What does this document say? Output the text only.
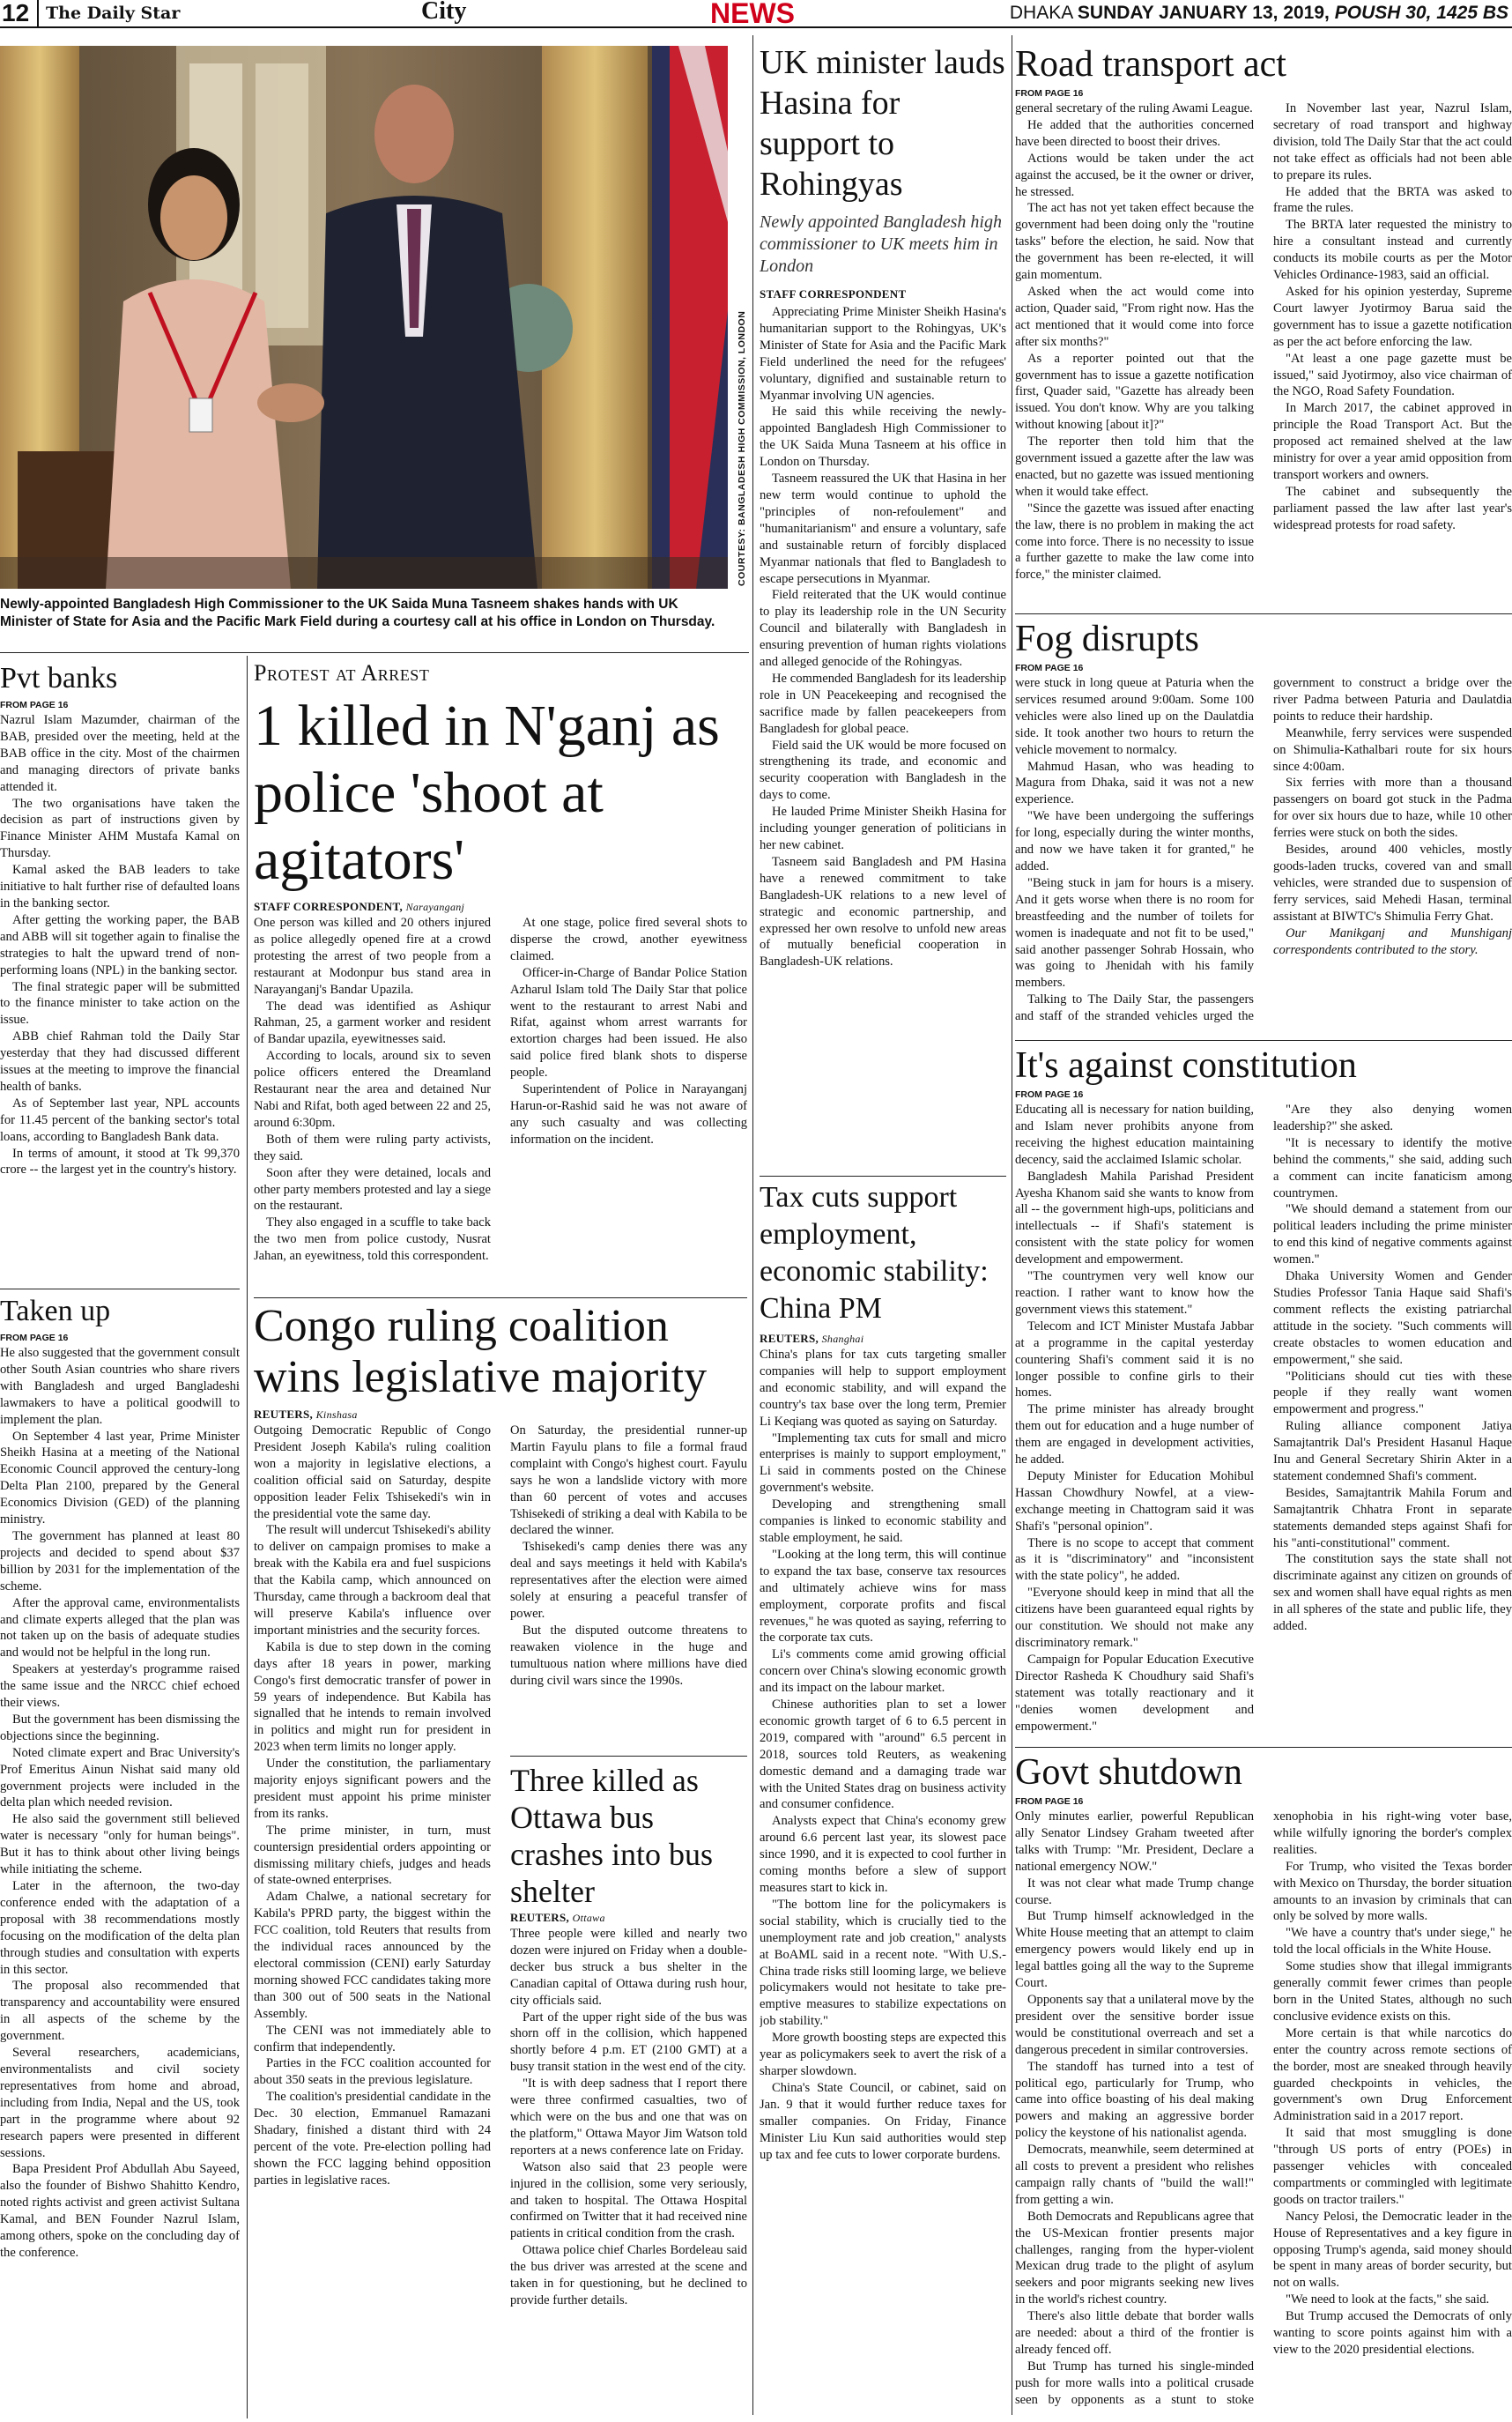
12 The Daily Star	City	NEWS	DHAKA SUNDAY JANUARY 13, 2019, POUSH 30, 1425 BS
COURTESY: BANGLADESH HIGH COMMISSION, LONDON
Newly-appointed Bangladesh High Commissioner to the UK Saida Muna Tasneem shakes hands with UK Minister of State for Asia and the Pacific Mark Field during a courtesy call at his office in London on Thursday.
UK minister lauds Hasina for support to Rohingyas
Newly appointed Bangladesh high commissioner to UK meets him in London
STAFF CORRESPONDENT

Appreciating Prime Minister Sheikh Hasina's humanitarian support to the Rohingyas, UK's Minister of State for Asia and the Pacific Mark Field underlined the need for the refugees' voluntary, dignified and sustainable return to Myanmar involving UN agencies.

He said this while receiving the newly-appointed Bangladesh High Commissioner to the UK Saida Muna Tasneem at his office in London on Thursday.

Tasneem reassured the UK that Hasina in her new term would continue to uphold the "principles of non-refoulement" and "humanitarianism" and ensure a voluntary, safe and sustainable return of forcibly displaced Myanmar nationals that fled to Bangladesh to escape persecutions in Myanmar.

Field reiterated that the UK would continue to play its leadership role in the UN Security Council and bilaterally with Bangladesh in ensuring prevention of human rights violations and alleged genocide of the Rohingyas.

He commended Bangladesh for its leadership role in UN Peacekeeping and recognised the sacrifice made by fallen peacekeepers from Bangladesh for global peace.

Field said the UK would be more focused on strengthening its trade, and economic and security cooperation with Bangladesh in the days to come.

He lauded Prime Minister Sheikh Hasina for including younger generation of politicians in her new cabinet.

Tasneem said Bangladesh and PM Hasina have a renewed commitment to take Bangladesh-UK relations to a new level of strategic and economic partnership, and expressed her own resolve to unfold new areas of mutually beneficial cooperation in Bangladesh-UK relations.

Road transport act
FROM PAGE 16

general secretary of the ruling Awami League.

He added that the authorities concerned have been directed to boost their drives.

Actions would be taken under the act against the accused, be it the owner or driver, he stressed.

The act has not yet taken effect because the government had been doing only the "routine tasks" before the election, he said. Now that the government has been re-elected, it will gain momentum.

Asked when the act would come into action, Quader said, "From right now. Has the act mentioned that it would come into force after six months?"

As a reporter pointed out that the government has to issue a gazette notification first, Quader said, "Gazette has already been issued. You don't know. Why are you talking without knowing [about it]?"

The reporter then told him that the government issued a gazette after the law was enacted, but no gazette was issued mentioning when it would take effect.

"Since the gazette was issued after enacting the law, there is no problem in making the act come into force. There is no necessity to issue a further gazette to make the law come into force," the minister claimed.

In November last year, Nazrul Islam, secretary of road transport and highway division, told The Daily Star that the act could not take effect as officials had not been able to prepare its rules.

He added that the BRTA was asked to frame the rules.

The BRTA later requested the ministry to hire a consultant instead and currently conducts its mobile courts as per the Motor Vehicles Ordinance-1983, said an official.

Asked for his opinion yesterday, Supreme Court lawyer Jyotirmoy Barua said the government has to issue a gazette notification as per the act before enforcing the law.

"At least a one page gazette must be issued," said Jyotirmoy, also vice chairman of the NGO, Road Safety Foundation.

In March 2017, the cabinet approved in principle the Road Transport Act. But the proposed act remained shelved at the law ministry for over a year amid opposition from transport workers and owners.

The cabinet and subsequently the parliament passed the law after last year's widespread protests for road safety.

Fog disrupts
FROM PAGE 16

were stuck in long queue at Paturia when the services resumed around 9:00am. Some 100 vehicles were also lined up on the Daulatdia side. It took another two hours to return the vehicle movement to normalcy.

Mahmud Hasan, who was heading to Magura from Dhaka, said it was not a new experience.

"We have been undergoing the sufferings for long, especially during the winter months, and now we have taken it for granted," he added.

"Being stuck in jam for hours is a misery. And it gets worse when there is no room for breastfeeding and the number of toilets for women is inadequate and not fit to be used," said another passenger Sohrab Hossain, who was going to Jhenidah with his family members.

Talking to The Daily Star, the passengers and staff of the stranded vehicles urged the government to construct a bridge over the river Padma between Paturia and Daulatdia points to reduce their hardship.

Meanwhile, ferry services were suspended on Shimulia-Kathalbari route for six hours since 4:00am.

Six ferries with more than a thousand passengers on board got stuck in the Padma for over six hours due to haze, while 10 other ferries were stuck on both the sides.

Besides, around 400 vehicles, mostly goods-laden trucks, covered van and small vehicles, were stranded due to suspension of ferry services, said Mehedi Hasan, terminal assistant at BIWTC's Shimulia Ferry Ghat.

Our Manikganj and Munshiganj correspondents contributed to the story.

It's against constitution
FROM PAGE 16

Educating all is necessary for nation building, and Islam never prohibits anyone from receiving the highest education maintaining decency, said the acclaimed Islamic scholar.

Bangladesh Mahila Parishad President Ayesha Khanom said she wants to know from all -- the government high-ups, politicians and intellectuals -- if Shafi's statement is consistent with the state policy for women development and empowerment.

"The countrymen very well know our reaction. I rather want to know how the government views this statement."

Telecom and ICT Minister Mustafa Jabbar at a programme in the capital yesterday countering Shafi's comment said it is no longer possible to confine girls to their homes.

The prime minister has already brought them out for education and a huge number of them are engaged in development activities, he added.

Deputy Minister for Education Mohibul Hassan Chowdhury Nowfel, at a view-exchange meeting in Chattogram said it was Shafi's "personal opinion".

There is no scope to accept that comment as it is "discriminatory" and "inconsistent with the state policy", he added.

"Everyone should keep in mind that all the citizens have been guaranteed equal rights by our constitution. We should not make any discriminatory remark."

Campaign for Popular Education Executive Director Rasheda K Choudhury said Shafi's statement was totally reactionary and it "denies women development and empowerment."

"Are they also denying women leadership?" she asked.

"It is necessary to identify the motive behind the comments," she said, adding such a comment can incite fanaticism among countrymen.

"We should demand a statement from our political leaders including the prime minister to end this kind of negative comments against women."

Dhaka University Women and Gender Studies Professor Tania Haque said Shafi's comment reflects the existing patriarchal attitude in the society. "Such comments will create obstacles to women education and empowerment," she said.

"Politicians should cut ties with these people if they really want women empowerment and progress."

Ruling alliance component Jatiya Samajtantrik Dal's President Hasanul Haque Inu and General Secretary Shirin Akter in a statement condemned Shafi's comment.

Besides, Samajtantrik Mahila Forum and Samajtantrik Chhatra Front in separate statements demanded steps against Shafi for his "anti-constitutional" comment.

The constitution says the state shall not discriminate against any citizen on grounds of sex and women shall have equal rights as men in all spheres of the state and public life, they added.

Govt shutdown
FROM PAGE 16

Only minutes earlier, powerful Republican ally Senator Lindsey Graham tweeted after talks with Trump: "Mr. President, Declare a national emergency NOW."

It was not clear what made Trump change course.

But Trump himself acknowledged in the White House meeting that an attempt to claim emergency powers would likely end up in legal battles going all the way to the Supreme Court.

Opponents say that a unilateral move by the president over the sensitive border issue would be constitutional overreach and set a dangerous precedent in similar controversies.

The standoff has turned into a test of political ego, particularly for Trump, who came into office boasting of his deal making powers and making an aggressive border policy the keystone of his nationalist agenda.

Democrats, meanwhile, seem determined at all costs to prevent a president who relishes campaign rally chants of "build the wall!" from getting a win.

Both Democrats and Republicans agree that the US-Mexican frontier presents major challenges, ranging from the hyper-violent Mexican drug trade to the plight of asylum seekers and poor migrants seeking new lives in the world's richest country.

There's also little debate that border walls are needed: about a third of the frontier is already fenced off.

But Trump has turned his single-minded push for more walls into a political crusade seen by opponents as a stunt to stoke xenophobia in his right-wing voter base, while wilfully ignoring the border's complex realities.

For Trump, who visited the Texas border with Mexico on Thursday, the border situation amounts to an invasion by criminals that can only be solved by more walls.

"We have a country that's under siege," he told the local officials in the White House.

Some studies show that illegal immigrants generally commit fewer crimes than people born in the United States, although no such conclusive evidence exists on this.

More certain is that while narcotics do enter the country across remote sections of the border, most are sneaked through heavily guarded checkpoints in vehicles, the government's own Drug Enforcement Administration said in a 2017 report.

It said that most smuggling is done "through US ports of entry (POEs) in passenger vehicles with concealed compartments or commingled with legitimate goods on tractor trailers."

Nancy Pelosi, the Democratic leader in the House of Representatives and a key figure in opposing Trump's agenda, said money should be spent in many areas of border security, but not on walls.

"We need to look at the facts," she said.

But Trump accused the Democrats of only wanting to score points against him with a view to the 2020 presidential elections.

Pvt banks
FROM PAGE 16

Nazrul Islam Mazumder, chairman of the BAB, presided over the meeting, held at the BAB office in the city. Most of the chairmen and managing directors of private banks attended it.

The two organisations have taken the decision as part of instructions given by Finance Minister AHM Mustafa Kamal on Thursday.

Kamal asked the BAB leaders to take initiative to halt further rise of defaulted loans in the banking sector.

After getting the working paper, the BAB and ABB will sit together again to finalise the strategies to halt the upward trend of non-performing loans (NPL) in the banking sector.

The final strategic paper will be submitted to the finance minister to take action on the issue.

ABB chief Rahman told the Daily Star yesterday that they had discussed different issues at the meeting to improve the financial health of banks.

As of September last year, NPL accounts for 11.45 percent of the banking sector's total loans, according to Bangladesh Bank data.

In terms of amount, it stood at Tk 99,370 crore -- the largest yet in the country's history.

Taken up
FROM PAGE 16

He also suggested that the government consult other South Asian countries who share rivers with Bangladesh and urged Bangladeshi lawmakers to have a political goodwill to implement the plan.

On September 4 last year, Prime Minister Sheikh Hasina at a meeting of the National Economic Council approved the century-long Delta Plan 2100, prepared by the General Economics Division (GED) of the planning ministry.

The government has planned at least 80 projects and decided to spend about $37 billion by 2031 for the implementation of the scheme.

After the approval came, environmentalists and climate experts alleged that the plan was not taken up on the basis of adequate studies and would not be helpful in the long run.

Speakers at yesterday's programme raised the same issue and the NRCC chief echoed their views.

But the government has been dismissing the objections since the beginning.

Noted climate expert and Brac University's Prof Emeritus Ainun Nishat said many old government projects were included in the delta plan which needed revision.

He also said the government still believed water is necessary "only for human beings". But it has to think about other living beings while initiating the scheme.

Later in the afternoon, the two-day conference ended with the adaptation of a proposal with 38 recommendations mostly focusing on the modification of the delta plan through studies and consultation with experts in this sector.

The proposal also recommended that transparency and accountability were ensured in all aspects of the scheme by the government.

Several researchers, academicians, environmentalists and civil society representatives from home and abroad, including from India, Nepal and the US, took part in the programme where about 92 research papers were presented in different sessions.

Bapa President Prof Abdullah Abu Sayeed, also the founder of Bishwo Shahitto Kendro, noted rights activist and green activist Sultana Kamal, and BEN Founder Nazrul Islam, among others, spoke on the concluding day of the conference.

Protest at Arrest
1 killed in N'ganj as police 'shoot at agitators'
STAFF CORRESPONDENT, Narayanganj

One person was killed and 20 others injured as police allegedly opened fire at a crowd protesting the arrest of two people from a restaurant at Modonpur bus stand area in Narayanganj's Bandar Upazila.

The dead was identified as Ashiqur Rahman, 25, a garment worker and resident of Bandar upazila, eyewitnesses said.

According to locals, around six to seven police officers entered the Dreamland Restaurant near the area and detained Nur Nabi and Rifat, both aged between 22 and 25, around 6:30pm.

Both of them were ruling party activists, they said.

Soon after they were detained, locals and other party members protested and lay a siege on the restaurant.

They also engaged in a scuffle to take back the two men from police custody, Nusrat Jahan, an eyewitness, told this correspondent.

At one stage, police fired several shots to disperse the crowd, another eyewitness claimed.

Officer-in-Charge of Bandar Police Station Azharul Islam told The Daily Star that police went to the restaurant to arrest Nabi and Rifat, against whom arrest warrants for extortion charges had been issued. He also said police fired blank shots to disperse people.

Superintendent of Police in Narayanganj Harun-or-Rashid said he was not aware of any such casualty and was collecting information on the incident.

Congo ruling coalition wins legislative majority
REUTERS, Kinshasa

Outgoing Democratic Republic of Congo President Joseph Kabila's ruling coalition won a majority in legislative elections, a coalition official said on Saturday, despite opposition leader Felix Tshisekedi's win in the presidential vote the same day.

The result will undercut Tshisekedi's ability to deliver on campaign promises to make a break with the Kabila era and fuel suspicions that the Kabila camp, which announced on Thursday, came through a backroom deal that will preserve Kabila's influence over important ministries and the security forces.

Kabila is due to step down in the coming days after 18 years in power, marking Congo's first democratic transfer of power in 59 years of independence. But Kabila has signalled that he intends to remain involved in politics and might run for president in 2023 when term limits no longer apply.

Under the constitution, the parliamentary majority enjoys significant powers and the president must appoint his prime minister from its ranks.

The prime minister, in turn, must countersign presidential orders appointing or dismissing military chiefs, judges and heads of state-owned enterprises.

Adam Chalwe, a national secretary for Kabila's PPRD party, the biggest within the FCC coalition, told Reuters that results from the individual races announced by the electoral commission (CENI) early Saturday morning showed FCC candidates taking more than 300 out of 500 seats in the National Assembly.

The CENI was not immediately able to confirm that independently.

Parties in the FCC coalition accounted for about 350 seats in the previous legislature.

The coalition's presidential candidate in the Dec. 30 election, Emmanuel Ramazani Shadary, finished a distant third with 24 percent of the vote. Pre-election polling had shown the FCC lagging behind opposition parties in legislative races.

On Saturday, the presidential runner-up Martin Fayulu plans to file a formal fraud complaint with Congo's highest court. Fayulu says he won a landslide victory with more than 60 percent of votes and accuses Tshisekedi of striking a deal with Kabila to be declared the winner.

Tshisekedi's camp denies there was any deal and says meetings it held with Kabila's representatives after the election were aimed solely at ensuring a peaceful transfer of power.

But the disputed outcome threatens to reawaken violence in the huge and tumultuous nation where millions have died during civil wars since the 1990s.

Three killed as Ottawa bus crashes into bus shelter
REUTERS, Ottawa

Three people were killed and nearly two dozen were injured on Friday when a double-decker bus struck a bus shelter in the Canadian capital of Ottawa during rush hour, city officials said.

Part of the upper right side of the bus was shorn off in the collision, which happened shortly before 4 p.m. ET (2100 GMT) at a busy transit station in the west end of the city.

"It is with deep sadness that I report there were three confirmed casualties, two of which were on the bus and one that was on the platform," Ottawa Mayor Jim Watson told reporters at a news conference late on Friday.

Watson also said that 23 people were injured in the collision, some very seriously, and taken to hospital. The Ottawa Hospital confirmed on Twitter that it had received nine patients in critical condition from the crash.

Ottawa police chief Charles Bordeleau said the bus driver was arrested at the scene and taken in for questioning, but he declined to provide further details.

Tax cuts support employment, economic stability: China PM
REUTERS, Shanghai

China's plans for tax cuts targeting smaller companies will help to support employment and economic stability, and will expand the country's tax base over the long term, Premier Li Keqiang was quoted as saying on Saturday.

"Implementing tax cuts for small and micro enterprises is mainly to support employment," Li said in comments posted on the Chinese government's website.

Developing and strengthening small companies is linked to economic stability and stable employment, he said.

"Looking at the long term, this will continue to expand the tax base, conserve tax resources and ultimately achieve wins for mass employment, corporate profits and fiscal revenues," he was quoted as saying, referring to the corporate tax cuts.

Li's comments come amid growing official concern over China's slowing economic growth and its impact on the labour market.

Chinese authorities plan to set a lower economic growth target of 6 to 6.5 percent in 2019, compared with "around" 6.5 percent in 2018, sources told Reuters, as weakening domestic demand and a damaging trade war with the United States drag on business activity and consumer confidence.

Analysts expect that China's economy grew around 6.6 percent last year, its slowest pace since 1990, and it is expected to cool further in coming months before a slew of support measures start to kick in.

"The bottom line for the policymakers is social stability, which is crucially tied to the unemployment rate and job creation," analysts at BoAML said in a recent note. "With U.S.-China trade risks still looming large, we believe policymakers would not hesitate to take pre-emptive measures to stabilize expectations on job stability."

More growth boosting steps are expected this year as policymakers seek to avert the risk of a sharper slowdown.

China's State Council, or cabinet, said on Jan. 9 that it would further reduce taxes for smaller companies. On Friday, Finance Minister Liu Kun said authorities would step up tax and fee cuts to lower corporate burdens.
